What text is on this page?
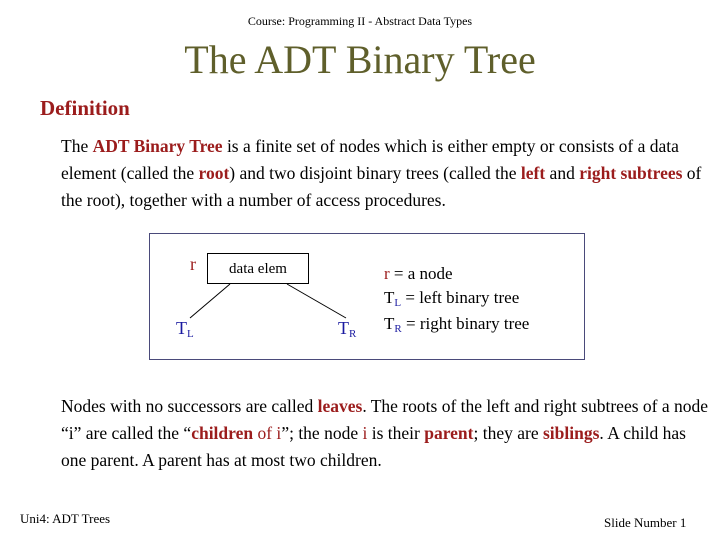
Course: Programming II - Abstract Data Types
The ADT Binary Tree
Definition
The ADT Binary Tree is a finite set of nodes which is either empty or consists of a data element (called the root) and two disjoint binary trees (called the left and right subtrees of the root), together with a number of access procedures.
r	data elem
TL	TR
r = a node
TL = left binary tree
TR = right binary tree
Nodes with no successors are called leaves. The roots of the left and right subtrees of a node “i” are called the “children of i”; the node i is their parent; they are siblings. A child has one parent. A parent has at most two children.
Uni4: ADT Trees	Slide Number 1
